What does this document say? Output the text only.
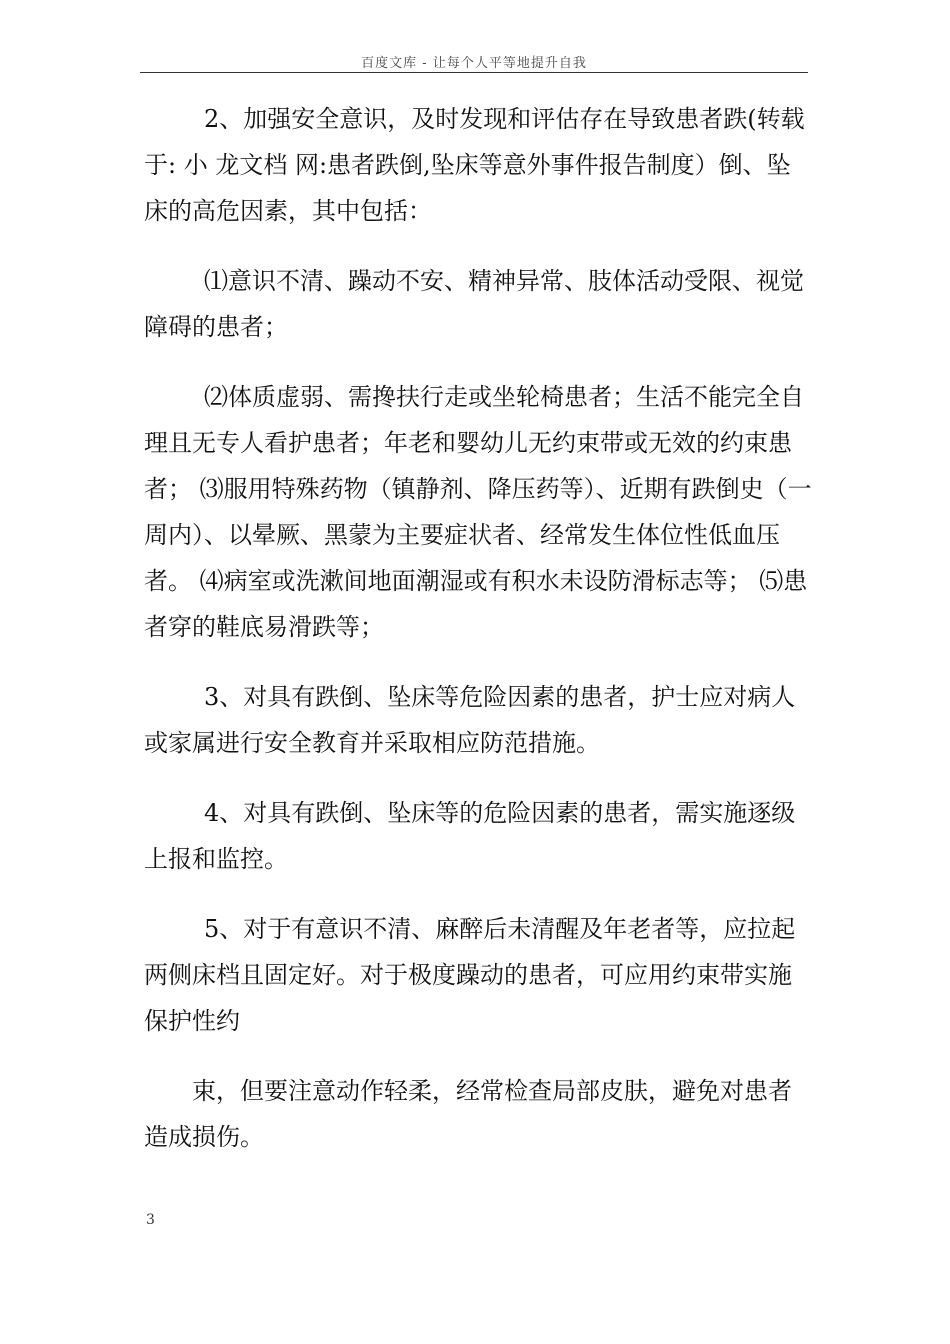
百度文库 - 让每个人平等地提升自我

2、加强安全意识，及时发现和评估存在导致患者跌(转载于: 小 龙文档 网:患者跌倒,坠床等意外事件报告制度）倒、坠床的高危因素，其中包括：

⑴意识不清、躁动不安、精神异常、肢体活动受限、视觉障碍的患者；

⑵体质虚弱、需搀扶行走或坐轮椅患者；生活不能完全自理且无专人看护患者；年老和婴幼儿无约束带或无效的约束患者； ⑶服用特殊药物（镇静剂、降压药等）、近期有跌倒史（一周内）、以晕厥、黑蒙为主要症状者、经常发生体位性低血压者。 ⑷病室或洗漱间地面潮湿或有积水未设防滑标志等； ⑸患者穿的鞋底易滑跌等；

3、对具有跌倒、坠床等危险因素的患者，护士应对病人或家属进行安全教育并采取相应防范措施。

4、对具有跌倒、坠床等的危险因素的患者，需实施逐级上报和监控。

5、对于有意识不清、麻醉后未清醒及年老者等，应拉起两侧床档且固定好。对于极度躁动的患者，可应用约束带实施保护性约

束，但要注意动作轻柔，经常检查局部皮肤，避免对患者造成损伤。

3
